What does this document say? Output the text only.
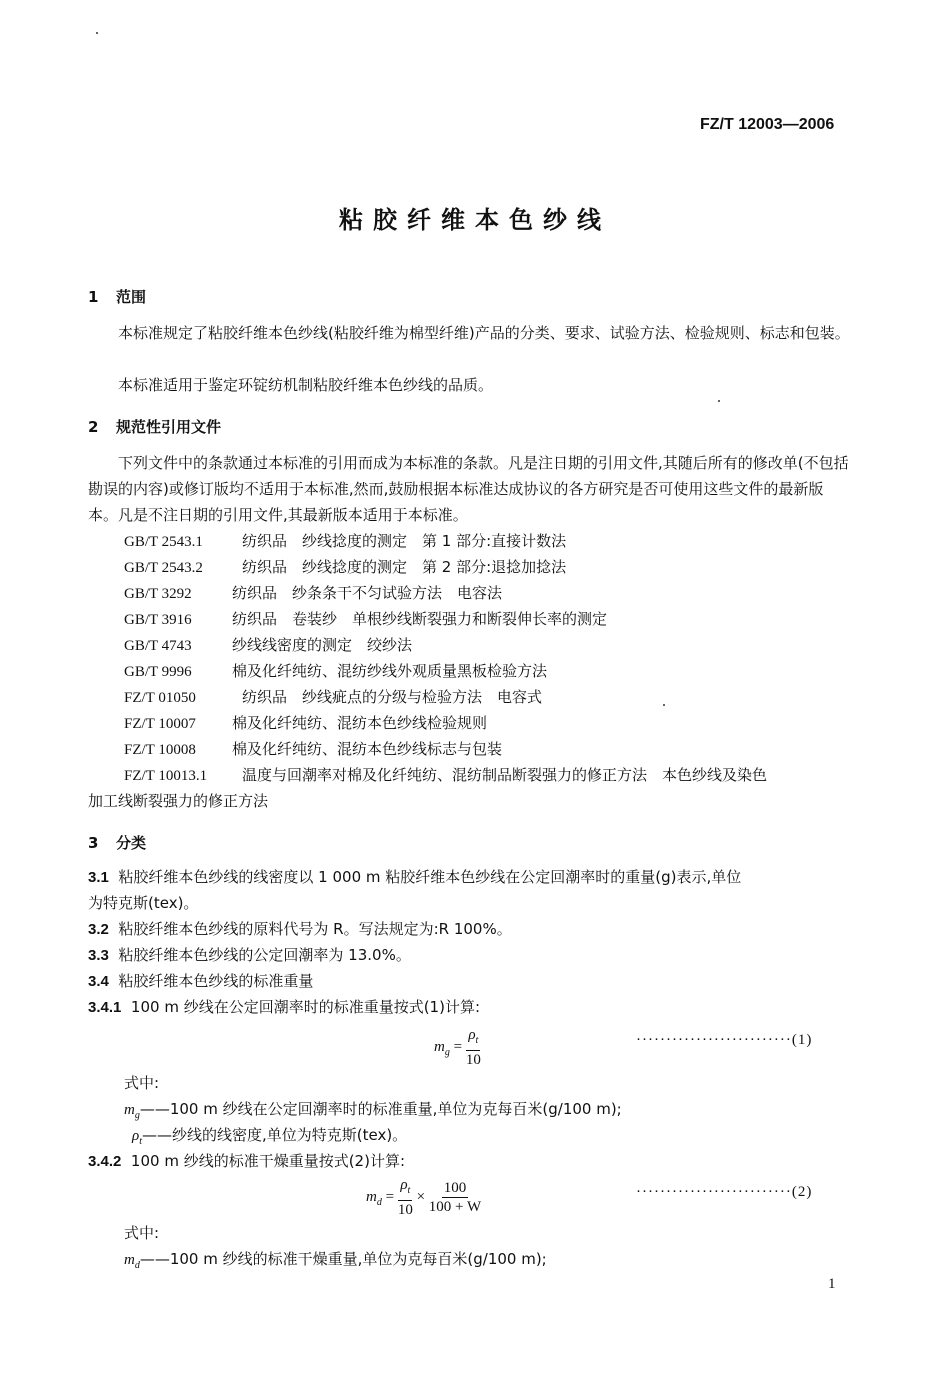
FZ/T 12003—2006
粘胶纤维本色纱线
1 范围
本标准规定了粘胶纤维本色纱线(粘胶纤维为棉型纤维)产品的分类、要求、试验方法、检验规则、标志和包装。
本标准适用于鉴定环锭纺机制粘胶纤维本色纱线的品质。
2 规范性引用文件
下列文件中的条款通过本标准的引用而成为本标准的条款。凡是注日期的引用文件,其随后所有的修改单(不包括勘误的内容)或修订版均不适用于本标准,然而,鼓励根据本标准达成协议的各方研究是否可使用这些文件的最新版本。凡是不注日期的引用文件,其最新版本适用于本标准。
GB/T 2543.1	纺织品　纱线捻度的测定　第 1 部分:直接计数法
GB/T 2543.2	纺织品　纱线捻度的测定　第 2 部分:退捻加捻法
GB/T 3292	纺织品　纱条条干不匀试验方法　电容法
GB/T 3916	纺织品　卷装纱　单根纱线断裂强力和断裂伸长率的测定
GB/T 4743	纱线线密度的测定　绞纱法
GB/T 9996	棉及化纤纯纺、混纺纱线外观质量黑板检验方法
FZ/T 01050	纺织品　纱线疵点的分级与检验方法　电容式
FZ/T 10007 棉及化纤纯纺、混纺本色纱线检验规则
FZ/T 10008 棉及化纤纯纺、混纺本色纱线标志与包装
FZ/T 10013.1 温度与回潮率对棉及化纤纯纺、混纺制品断裂强力的修正方法　本色纱线及染色
加工线断裂强力的修正方法
3 分类
3.1 粘胶纤维本色纱线的线密度以 1 000 m 粘胶纤维本色纱线在公定回潮率时的重量(g)表示,单位
为特克斯(tex)。
3.2 粘胶纤维本色纱线的原料代号为 R。写法规定为:R 100%。
3.3 粘胶纤维本色纱线的公定回潮率为 13.0%。
3.4 粘胶纤维本色纱线的标准重量
3.4.1 100 m 纱线在公定回潮率时的标准重量按式(1)计算:
$m_g = \frac{\rho_t}{10}$	··························(1)
式中:
$m_g——100$ m 纱线在公定回潮率时的标准重量,单位为克每百米(g/100 m);
$\rho_t——$纱线的线密度,单位为特克斯(tex)。
3.4.2 100 m 纱线的标准干燥重量按式(2)计算:
$m_d = \frac{\rho_t}{10} \times \frac{100}{100 + W}$	··························(2)
式中:
$m_d——100$ m 纱线的标准干燥重量,单位为克每百米(g/100 m);
1
